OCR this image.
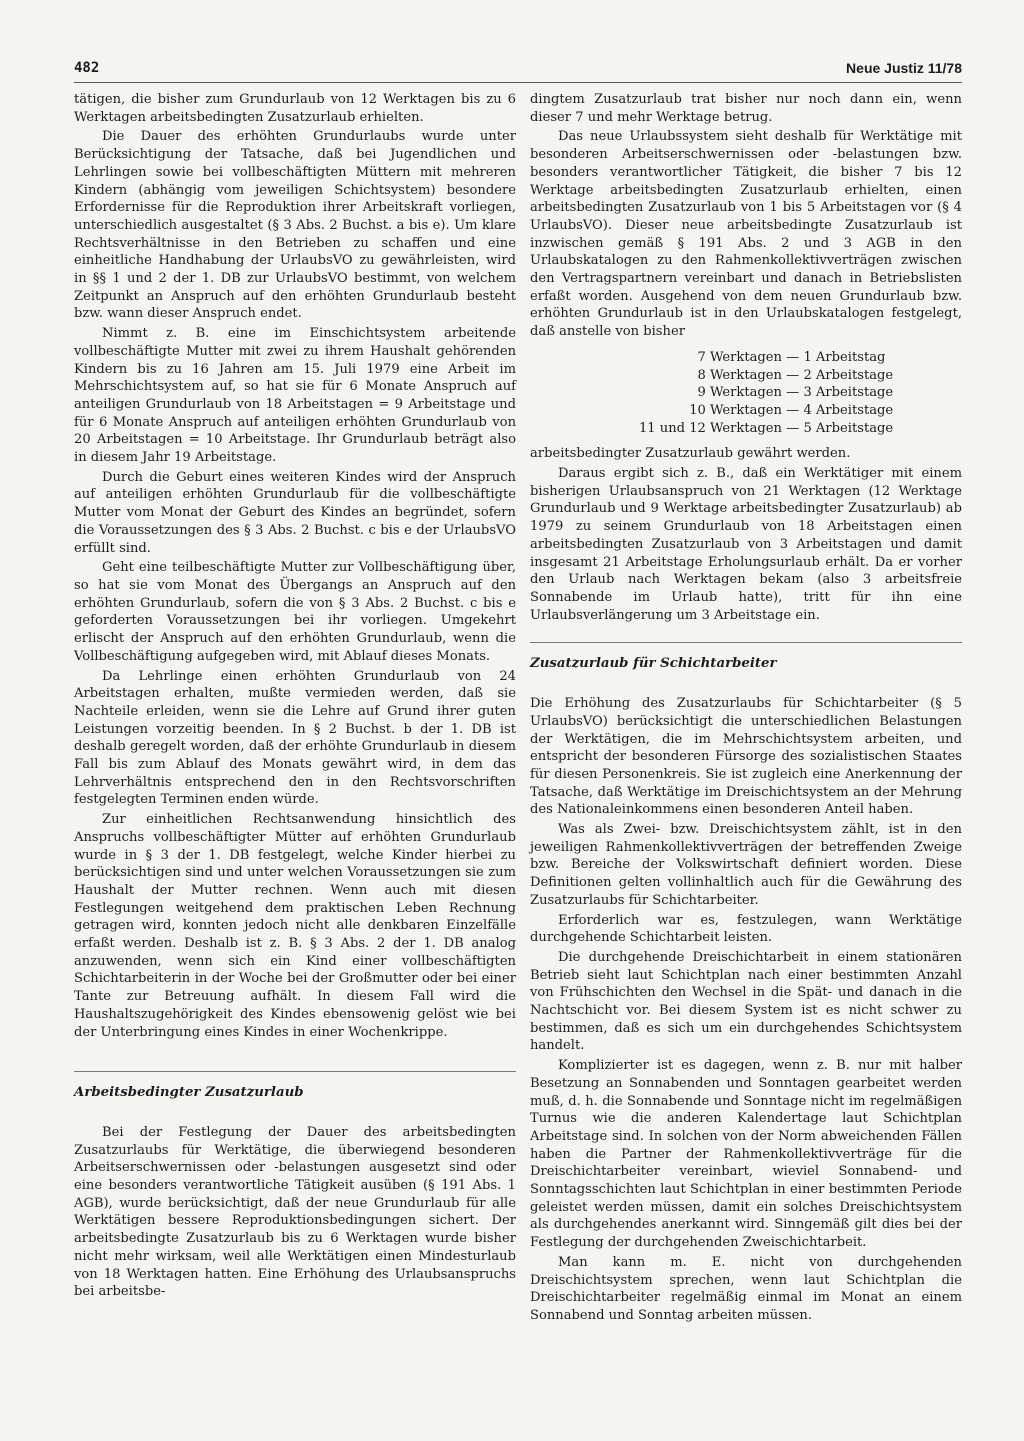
482	Neue Justiz 11/78

tätigen, die bisher zum Grundurlaub von 12 Werktagen bis zu 6 Werktagen arbeitsbedingten Zusatzurlaub erhielten.

Die Dauer des erhöhten Grundurlaubs wurde unter Berücksichtigung der Tatsache, daß bei Jugendlichen und Lehrlingen sowie bei vollbeschäftigten Müttern mit mehreren Kindern (abhängig vom jeweiligen Schichtsystem) besondere Erfordernisse für die Reproduktion ihrer Arbeitskraft vorliegen, unterschiedlich ausgestaltet (§ 3 Abs. 2 Buchst. a bis e). Um klare Rechtsverhältnisse in den Betrieben zu schaffen und eine einheitliche Handhabung der UrlaubsVO zu gewährleisten, wird in §§ 1 und 2 der 1. DB zur UrlaubsVO bestimmt, von welchem Zeitpunkt an Anspruch auf den erhöhten Grundurlaub besteht bzw. wann dieser Anspruch endet.

Nimmt z. B. eine im Einschichtsystem arbeitende vollbeschäftigte Mutter mit zwei zu ihrem Haushalt gehörenden Kindern bis zu 16 Jahren am 15. Juli 1979 eine Arbeit im Mehrschichtsystem auf, so hat sie für 6 Monate Anspruch auf anteiligen Grundurlaub von 18 Arbeitstagen = 9 Arbeitstage und für 6 Monate Anspruch auf anteiligen erhöhten Grundurlaub von 20 Arbeitstagen = 10 Arbeitstage. Ihr Grundurlaub beträgt also in diesem Jahr 19 Arbeitstage.

Durch die Geburt eines weiteren Kindes wird der Anspruch auf anteiligen erhöhten Grundurlaub für die vollbeschäftigte Mutter vom Monat der Geburt des Kindes an begründet, sofern die Voraussetzungen des § 3 Abs. 2 Buchst. c bis e der UrlaubsVO erfüllt sind.

Geht eine teilbeschäftigte Mutter zur Vollbeschäftigung über, so hat sie vom Monat des Übergangs an Anspruch auf den erhöhten Grundurlaub, sofern die von § 3 Abs. 2 Buchst. c bis e geforderten Voraussetzungen bei ihr vorliegen. Umgekehrt erlischt der Anspruch auf den erhöhten Grundurlaub, wenn die Vollbeschäftigung aufgegeben wird, mit Ablauf dieses Monats.

Da Lehrlinge einen erhöhten Grundurlaub von 24 Arbeitstagen erhalten, mußte vermieden werden, daß sie Nachteile erleiden, wenn sie die Lehre auf Grund ihrer guten Leistungen vorzeitig beenden. In § 2 Buchst. b der 1. DB ist deshalb geregelt worden, daß der erhöhte Grundurlaub in diesem Fall bis zum Ablauf des Monats gewährt wird, in dem das Lehrverhältnis entsprechend den in den Rechtsvorschriften festgelegten Terminen enden würde.

Zur einheitlichen Rechtsanwendung hinsichtlich des Anspruchs vollbeschäftigter Mütter auf erhöhten Grundurlaub wurde in § 3 der 1. DB festgelegt, welche Kinder hierbei zu berücksichtigen sind und unter welchen Voraussetzungen sie zum Haushalt der Mutter rechnen. Wenn auch mit diesen Festlegungen weitgehend dem praktischen Leben Rechnung getragen wird, konnten jedoch nicht alle denkbaren Einzelfälle erfaßt werden. Deshalb ist z. B. § 3 Abs. 2 der 1. DB analog anzuwenden, wenn sich ein Kind einer vollbeschäftigten Schichtarbeiterin in der Woche bei der Großmutter oder bei einer Tante zur Betreuung aufhält. In diesem Fall wird die Haushaltszugehörigkeit des Kindes ebensowenig gelöst wie bei der Unterbringung eines Kindes in einer Wochenkrippe.

Arbeitsbedingter Zusatzurlaub

Bei der Festlegung der Dauer des arbeitsbedingten Zusatzurlaubs für Werktätige, die überwiegend besonderen Arbeitserschwernissen oder -belastungen ausgesetzt sind oder eine besonders verantwortliche Tätigkeit ausüben (§ 191 Abs. 1 AGB), wurde berücksichtigt, daß der neue Grundurlaub für alle Werktätigen bessere Reproduktionsbedingungen sichert. Der arbeitsbedingte Zusatzurlaub bis zu 6 Werktagen wurde bisher nicht mehr wirksam, weil alle Werktätigen einen Mindesturlaub von 18 Werktagen hatten. Eine Erhöhung des Urlaubsanspruchs bei arbeitsbe-

dingtem Zusatzurlaub trat bisher nur noch dann ein, wenn dieser 7 und mehr Werktage betrug.

Das neue Urlaubssystem sieht deshalb für Werktätige mit besonderen Arbeitserschwernissen oder -belastungen bzw. besonders verantwortlicher Tätigkeit, die bisher 7 bis 12 Werktage arbeitsbedingten Zusatzurlaub erhielten, einen arbeitsbedingten Zusatzurlaub von 1 bis 5 Arbeitstagen vor (§ 4 UrlaubsVO). Dieser neue arbeitsbedingte Zusatzurlaub ist inzwischen gemäß § 191 Abs. 2 und 3 AGB in den Urlaubskatalogen zu den Rahmenkollektivverträgen zwischen den Vertragspartnern vereinbart und danach in Betriebslisten erfaßt worden. Ausgehend von dem neuen Grundurlaub bzw. erhöhten Grundurlaub ist in den Urlaubskatalogen festgelegt, daß anstelle von bisher

7 Werktagen — 1 Arbeitstag
8 Werktagen — 2 Arbeitstage
9 Werktagen — 3 Arbeitstage
10 Werktagen — 4 Arbeitstage
11 und 12 Werktagen — 5 Arbeitstage

arbeitsbedingter Zusatzurlaub gewährt werden.

Daraus ergibt sich z. B., daß ein Werktätiger mit einem bisherigen Urlaubsanspruch von 21 Werktagen (12 Werktage Grundurlaub und 9 Werktage arbeitsbedingter Zusatzurlaub) ab 1979 zu seinem Grundurlaub von 18 Arbeitstagen einen arbeitsbedingten Zusatzurlaub von 3 Arbeitstagen und damit insgesamt 21 Arbeitstage Erholungsurlaub erhält. Da er vorher den Urlaub nach Werktagen bekam (also 3 arbeitsfreie Sonnabende im Urlaub hatte), tritt für ihn eine Urlaubsverlängerung um 3 Arbeitstage ein.

Zusatzurlaub für Schichtarbeiter

Die Erhöhung des Zusatzurlaubs für Schichtarbeiter (§ 5 UrlaubsVO) berücksichtigt die unterschiedlichen Belastungen der Werktätigen, die im Mehrschichtsystem arbeiten, und entspricht der besonderen Fürsorge des sozialistischen Staates für diesen Personenkreis. Sie ist zugleich eine Anerkennung der Tatsache, daß Werktätige im Dreischichtsystem an der Mehrung des Nationaleinkommens einen besonderen Anteil haben.

Was als Zwei- bzw. Dreischichtsystem zählt, ist in den jeweiligen Rahmenkollektivverträgen der betreffenden Zweige bzw. Bereiche der Volkswirtschaft definiert worden. Diese Definitionen gelten vollinhaltlich auch für die Gewährung des Zusatzurlaubs für Schichtarbeiter.

Erforderlich war es, festzulegen, wann Werktätige durchgehende Schichtarbeit leisten.

Die durchgehende Dreischichtarbeit in einem stationären Betrieb sieht laut Schichtplan nach einer bestimmten Anzahl von Frühschichten den Wechsel in die Spät- und danach in die Nachtschicht vor. Bei diesem System ist es nicht schwer zu bestimmen, daß es sich um ein durchgehendes Schichtsystem handelt.

Komplizierter ist es dagegen, wenn z. B. nur mit halber Besetzung an Sonnabenden und Sonntagen gearbeitet werden muß, d. h. die Sonnabende und Sonntage nicht im regelmäßigen Turnus wie die anderen Kalendertage laut Schichtplan Arbeitstage sind. In solchen von der Norm abweichenden Fällen haben die Partner der Rahmenkollektivverträge für die Dreischichtarbeiter vereinbart, wieviel Sonnabend- und Sonntagsschichten laut Schichtplan in einer bestimmten Periode geleistet werden müssen, damit ein solches Dreischichtsystem als durchgehendes anerkannt wird. Sinngemäß gilt dies bei der Festlegung der durchgehenden Zweischichtarbeit.

Man kann m. E. nicht von durchgehenden Dreischichtsystem sprechen, wenn laut Schichtplan die Dreischichtarbeiter regelmäßig einmal im Monat an einem Sonnabend und Sonntag arbeiten müssen.
